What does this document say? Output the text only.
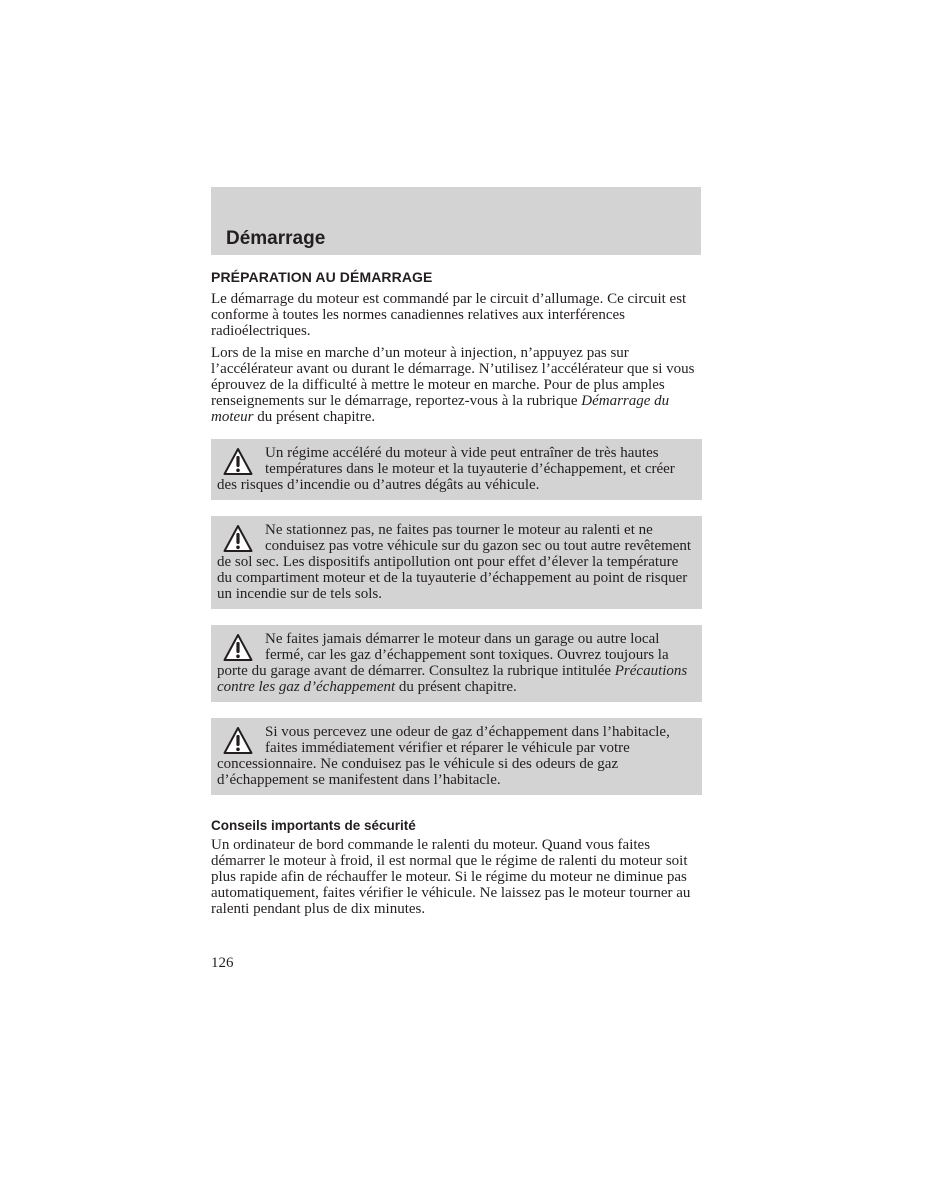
Démarrage
PRÉPARATION AU DÉMARRAGE

Le démarrage du moteur est commandé par le circuit d’allumage. Ce circuit est conforme à toutes les normes canadiennes relatives aux interférences radioélectriques.

Lors de la mise en marche d’un moteur à injection, n’appuyez pas sur l’accélérateur avant ou durant le démarrage. N’utilisez l’accélérateur que si vous éprouvez de la difficulté à mettre le moteur en marche. Pour de plus amples renseignements sur le démarrage, reportez-vous à la rubrique Démarrage du moteur du présent chapitre.

Un régime accéléré du moteur à vide peut entraîner de très hautes températures dans le moteur et la tuyauterie d’échappement, et créer des risques d’incendie ou d’autres dégâts au véhicule.
Ne stationnez pas, ne faites pas tourner le moteur au ralenti et ne conduisez pas votre véhicule sur du gazon sec ou tout autre revêtement de sol sec. Les dispositifs antipollution ont pour effet d’élever la température du compartiment moteur et de la tuyauterie d’échappement au point de risquer un incendie sur de tels sols.
Ne faites jamais démarrer le moteur dans un garage ou autre local fermé, car les gaz d’échappement sont toxiques. Ouvrez toujours la porte du garage avant de démarrer. Consultez la rubrique intitulée Précautions contre les gaz d’échappement du présent chapitre.
Si vous percevez une odeur de gaz d’échappement dans l’habitacle, faites immédiatement vérifier et réparer le véhicule par votre concessionnaire. Ne conduisez pas le véhicule si des odeurs de gaz d’échappement se manifestent dans l’habitacle.
Conseils importants de sécurité

Un ordinateur de bord commande le ralenti du moteur. Quand vous faites démarrer le moteur à froid, il est normal que le régime de ralenti du moteur soit plus rapide afin de réchauffer le moteur. Si le régime du moteur ne diminue pas automatiquement, faites vérifier le véhicule. Ne laissez pas le moteur tourner au ralenti pendant plus de dix minutes.

126
